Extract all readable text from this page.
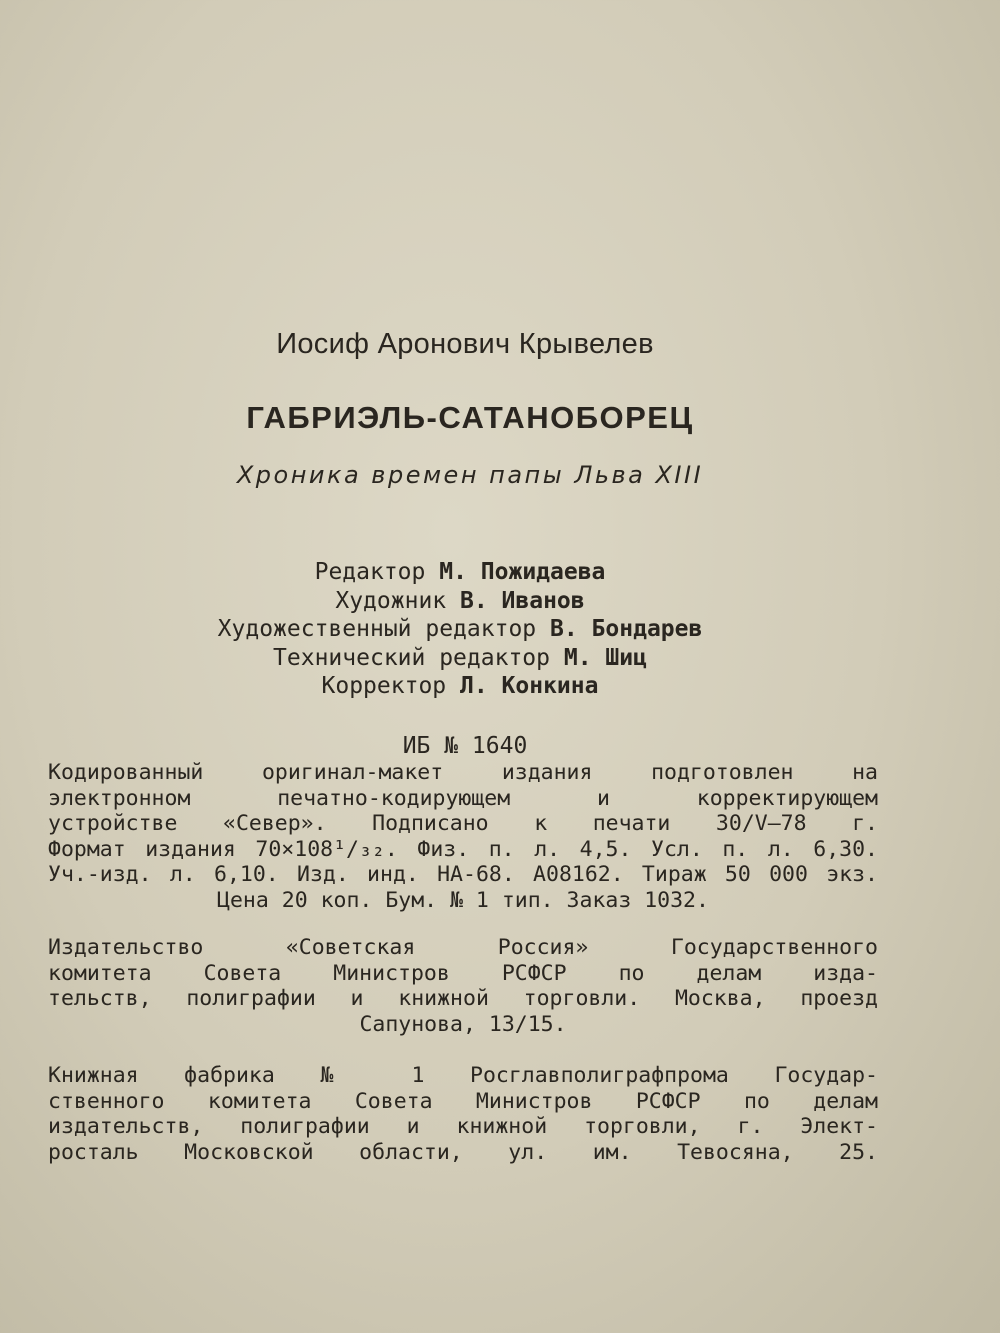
Иосиф Аронович Крывелев
ГАБРИЭЛЬ-САТАНОБОРЕЦ
Хроника времен папы Льва XIII
Редактор М. Пожидаева
Художник В. Иванов
Художественный редактор В. Бондарев
Технический редактор М. Шиц
Корректор Л. Конкина
ИБ № 1640
Кодированный оригинал-макет издания подготовлен на
электронном печатно-кодирующем и корректирующем
устройстве «Север». Подписано к печати 30/V—78 г.
Формат издания 70×108¹/₃₂. Физ. п. л. 4,5. Усл. п. л. 6,30.
Уч.-изд. л. 6,10. Изд. инд. НА-68. А08162. Тираж 50 000 экз.
Цена 20 коп. Бум. № 1 тип. Заказ 1032.
Издательство «Советская Россия» Государственного
комитета Совета Министров РСФСР по делам изда-
тельств, полиграфии и книжной торговли. Москва, проезд
Сапунова, 13/15.
Книжная фабрика № 1 Росглавполиграфпрома Государ-
ственного комитета Совета Министров РСФСР по делам
издательств, полиграфии и книжной торговли, г. Элект-
росталь Московской области, ул. им. Тевосяна, 25.
